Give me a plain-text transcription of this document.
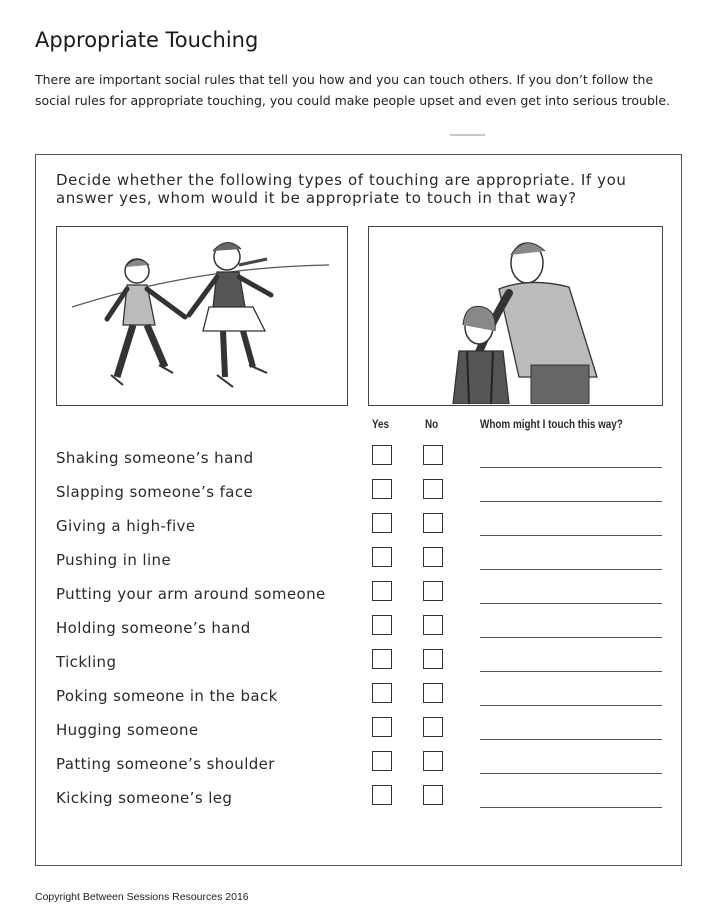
Appropriate Touching
There are important social rules that tell you how and you can touch others. If you don’t follow the social rules for appropriate touching, you could make people upset and even get into serious trouble.
Decide whether the following types of touching are appropriate. If you answer yes, whom would it be appropriate to touch in that way?
Yes	No	Whom might I touch this way?
Shaking someone’s hand
Slapping someone’s face
Giving a high-five
Pushing in line
Putting your arm around someone
Holding someone’s hand
Tickling
Poking someone in the back
Hugging someone
Patting someone’s shoulder
Kicking someone’s leg
Copyright Between Sessions Resources 2016
